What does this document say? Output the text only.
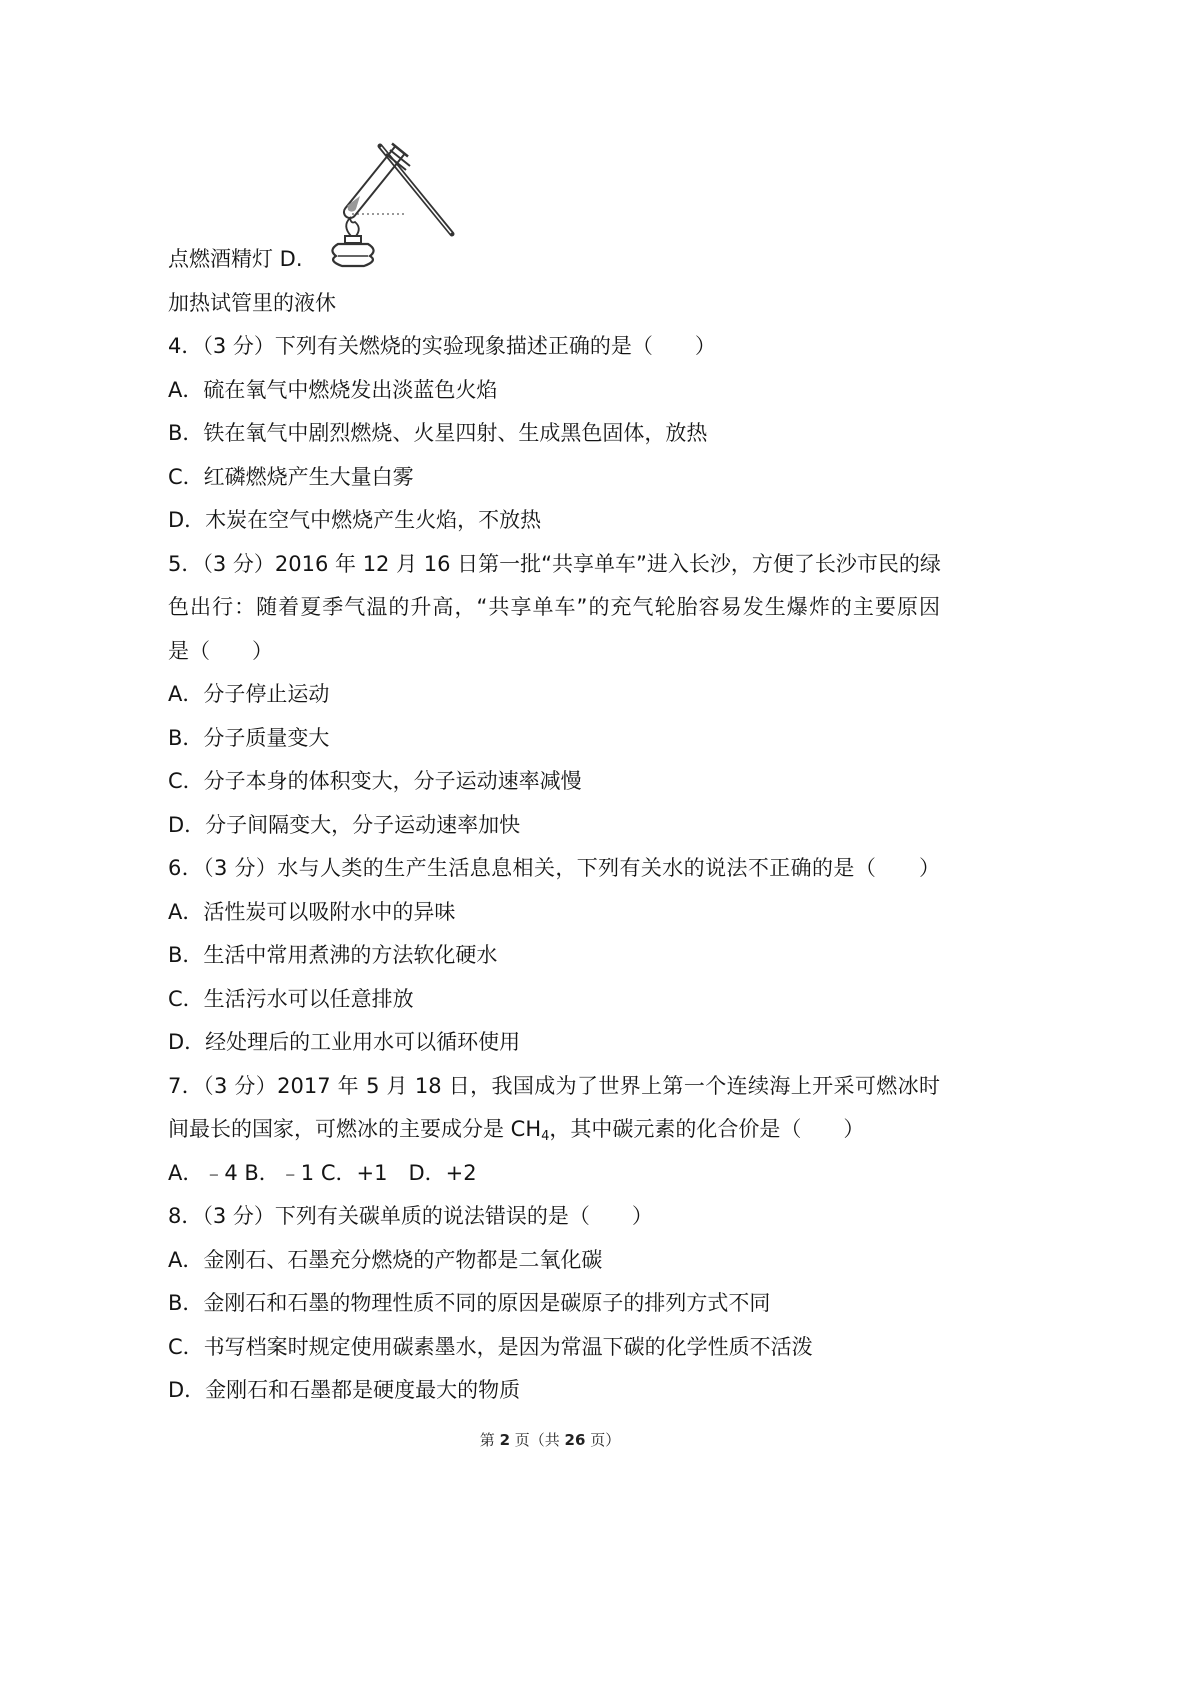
点燃酒精灯 D.
加热试管里的液休
4．（3 分）下列有关燃烧的实验现象描述正确的是（　　）
A．硫在氧气中燃烧发出淡蓝色火焰
B．铁在氧气中剧烈燃烧、火星四射、生成黑色固体，放热
C．红磷燃烧产生大量白雾
D．木炭在空气中燃烧产生火焰，不放热
5．（3 分）2016 年 12 月 16 日第一批“共享单车”进入长沙，方便了长沙市民的绿
色出行：随着夏季气温的升高，“共享单车”的充气轮胎容易发生爆炸的主要原因
是（　　）
A．分子停止运动
B．分子质量变大
C．分子本身的体积变大，分子运动速率减慢
D．分子间隔变大，分子运动速率加快
6．（3 分）水与人类的生产生活息息相关，下列有关水的说法不正确的是（　　）
A．活性炭可以吸附水中的异味
B．生活中常用煮沸的方法软化硬水
C．生活污水可以任意排放
D．经处理后的工业用水可以循环使用
7．（3 分）2017 年 5 月 18 日，我国成为了世界上第一个连续海上开采可燃冰时
间最长的国家，可燃冰的主要成分是 $CH_4$，其中碳元素的化合价是（　　）
A．﹣4 B．﹣1 C．+1　D．+2
8．（3 分）下列有关碳单质的说法错误的是（　　）
A．金刚石、石墨充分燃烧的产物都是二氧化碳
B．金刚石和石墨的物理性质不同的原因是碳原子的排列方式不同
C．书写档案时规定使用碳素墨水，是因为常温下碳的化学性质不活泼
D．金刚石和石墨都是硬度最大的物质
第 2 页（共 26 页）
